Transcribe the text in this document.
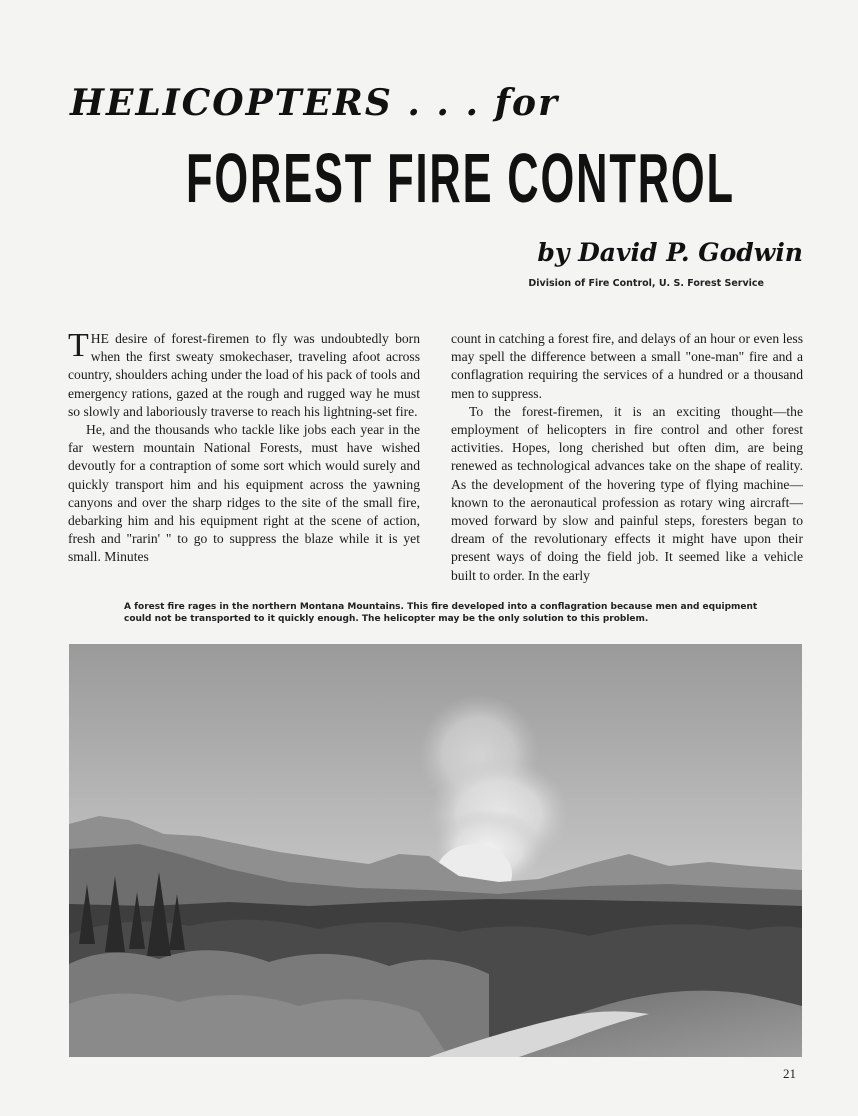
HELICOPTERS . . . for
FOREST FIRE CONTROL
by David P. Godwin
Division of Fire Control, U. S. Forest Service

THE desire of forest-firemen to fly was undoubtedly born when the first sweaty smokechaser, traveling afoot across country, shoulders aching under the load of his pack of tools and emergency rations, gazed at the rough and rugged way he must so slowly and laboriously traverse to reach his lightning-set fire.

He, and the thousands who tackle like jobs each year in the far western mountain National Forests, must have wished devoutly for a contraption of some sort which would surely and quickly transport him and his equipment across the yawning canyons and over the sharp ridges to the site of the small fire, debarking him and his equipment right at the scene of action, fresh and "rarin' " to go to suppress the blaze while it is yet small. Minutes

count in catching a forest fire, and delays of an hour or even less may spell the difference between a small "one-man" fire and a conflagration requiring the services of a hundred or a thousand men to suppress.

To the forest-firemen, it is an exciting thought—the employment of helicopters in fire control and other forest activities. Hopes, long cherished but often dim, are being renewed as technological advances take on the shape of reality. As the development of the hovering type of flying machine—known to the aeronautical profession as rotary wing aircraft—moved forward by slow and painful steps, foresters began to dream of the revolutionary effects it might have upon their present ways of doing the field job. It seemed like a vehicle built to order. In the early

A forest fire rages in the northern Montana Mountains. This fire developed into a conflagration because men and equipment could not be transported to it quickly enough. The helicopter may be the only solution to this problem.
21
